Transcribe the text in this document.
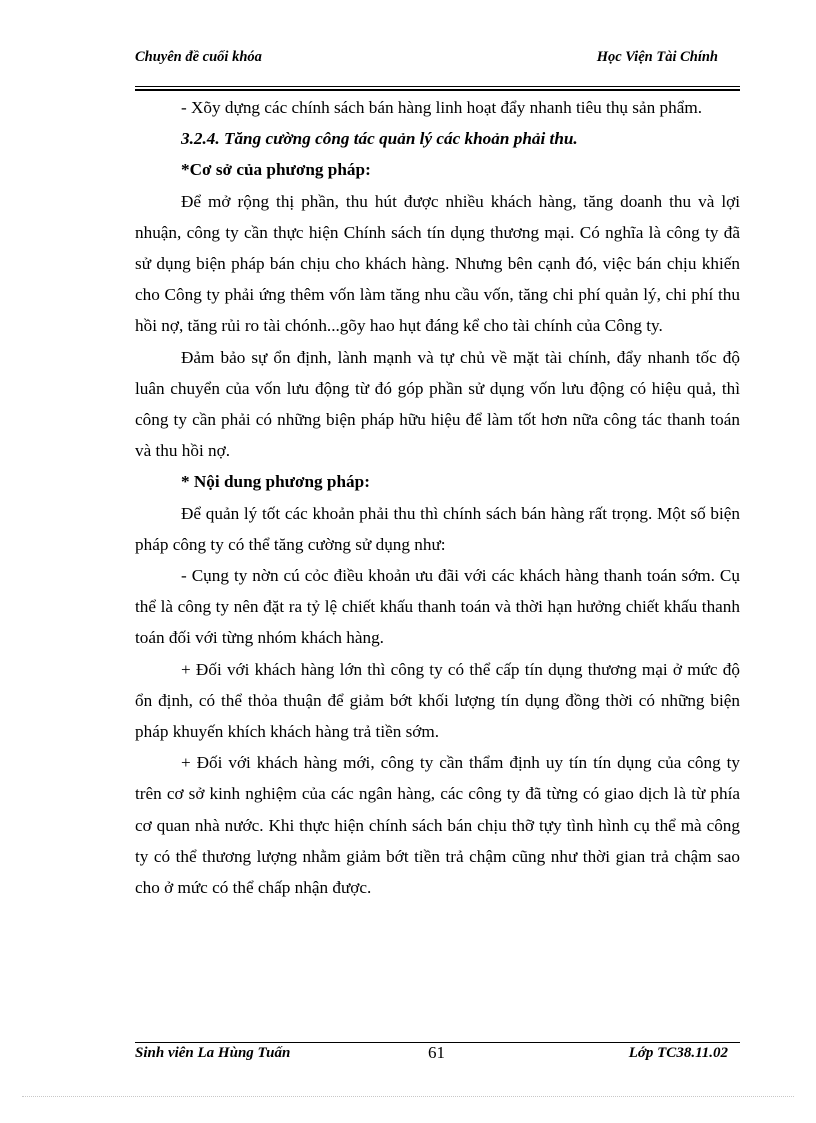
Chuyên đề cuối khóa	Học Viện Tài Chính

- Xõy dựng các chính sách bán hàng linh hoạt đẩy nhanh tiêu thụ sản phẩm.

3.2.4. Tăng cường công tác quản lý các khoản phải thu.

*Cơ sở của phương pháp:

Để mở rộng thị phần, thu hút được nhiều khách hàng, tăng doanh thu và lợi nhuận, công ty cần thực hiện Chính sách tín dụng thương mại. Có nghĩa là công ty đã sử dụng biện pháp bán chịu cho khách hàng. Nhưng bên cạnh đó, việc bán chịu khiến cho Công ty phải ứng thêm vốn làm tăng nhu cầu vốn, tăng chi phí quản lý, chi phí thu hồi nợ, tăng rủi ro tài chónh...gõy hao hụt đáng kể cho tài chính của Công ty.

Đảm bảo sự ổn định, lành mạnh và tự chủ về mặt tài chính, đẩy nhanh tốc độ luân chuyển của vốn lưu động từ đó góp phần sử dụng vốn lưu động có hiệu quả, thì công ty cần phải có những biện pháp hữu hiệu để làm tốt hơn nữa công tác thanh toán và thu hồi nợ.

* Nội dung phương pháp:

Để quản lý tốt các khoản phải thu thì chính sách bán hàng rất trọng. Một số biện pháp công ty có thể tăng cường sử dụng như:

- Cụng ty nờn cú cỏc điều khoản ưu đãi với các khách hàng thanh toán sớm. Cụ thể là công ty nên đặt ra tỷ lệ chiết khấu thanh toán và thời hạn hưởng chiết khấu thanh toán đối với từng nhóm khách hàng.

+ Đối với khách hàng lớn thì công ty có thể cấp tín dụng thương mại ở mức độ ổn định, có thể thỏa thuận để giảm bớt khối lượng tín dụng đồng thời có những biện pháp khuyến khích khách hàng trả tiền sớm.

+ Đối với khách hàng mới, công ty cần thẩm định uy tín tín dụng của công ty trên cơ sở kinh nghiệm của các ngân hàng, các công ty đã từng có giao dịch là từ phía cơ quan nhà nước. Khi thực hiện chính sách bán chịu thỡ tựy tình hình cụ thể mà công ty có thể thương lượng nhằm giảm bớt tiền trả chậm cũng như thời gian trả chậm sao cho ở mức có thể chấp nhận được.

Sinh viên La Hùng Tuấn	61	Lớp TC38.11.02
